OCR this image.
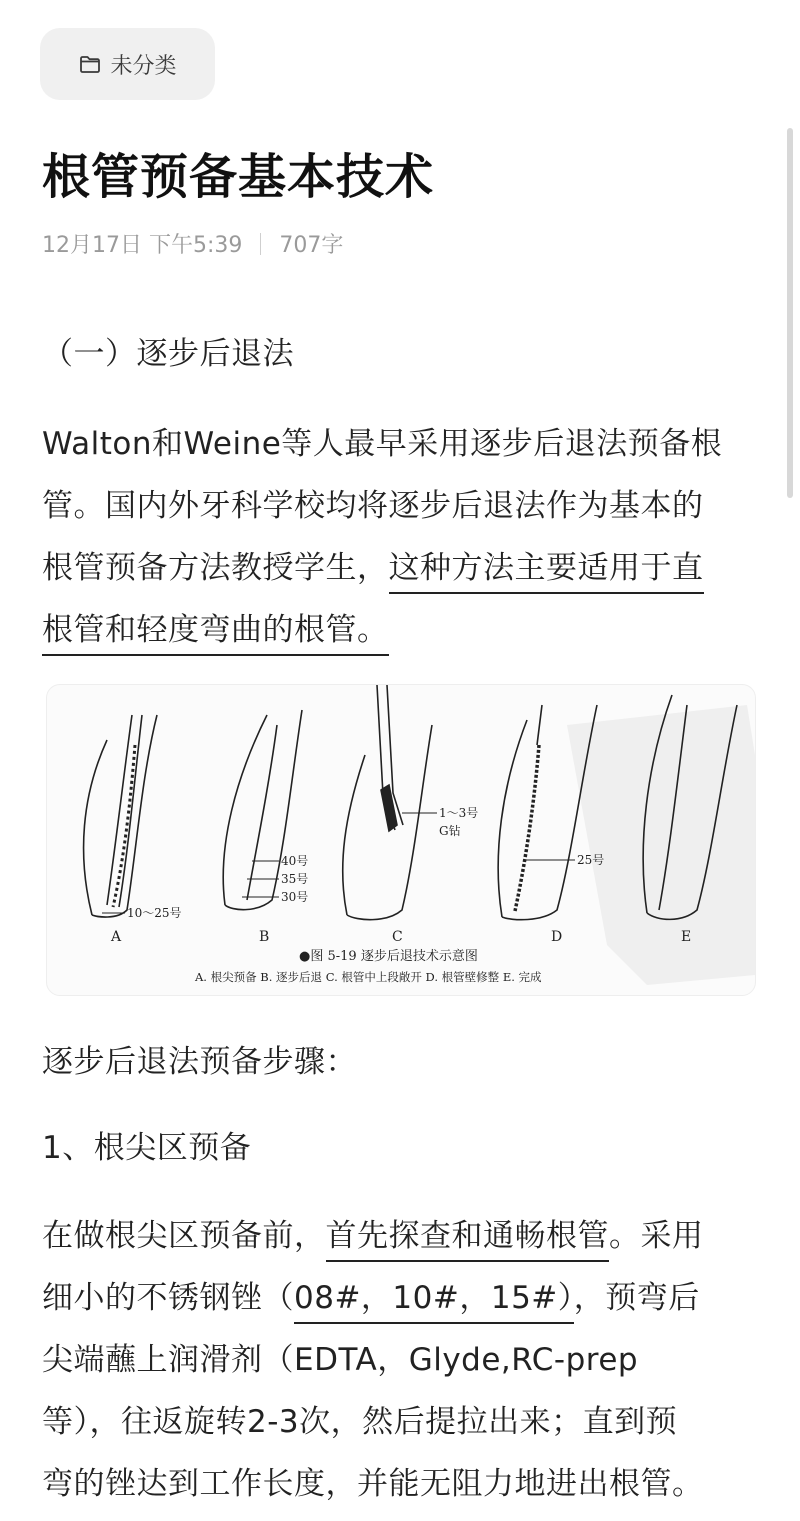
未分类
根管预备基本技术
12月17日 下午5:39 707字
（一）逐步后退法
Walton和Weine等人最早采用逐步后退法预备根
管。国内外牙科学校均将逐步后退法作为基本的
根管预备方法教授学生，这种方法主要适用于直
根管和轻度弯曲的根管。
10～25号
40号
35号
30号
1～3号
G钻
25号
A	B	C	D	E
●图 5-19 逐步后退技术示意图
A. 根尖预备 B. 逐步后退 C. 根管中上段敞开 D. 根管壁修整 E. 完成
逐步后退法预备步骤：
1、根尖区预备
在做根尖区预备前，首先探查和通畅根管。采用
细小的不锈钢锉（08#，10#，15#），预弯后
尖端蘸上润滑剂（EDTA，Glyde,RC-prep
等），往返旋转2-3次，然后提拉出来；直到预
弯的锉达到工作长度，并能无阻力地进出根管。
